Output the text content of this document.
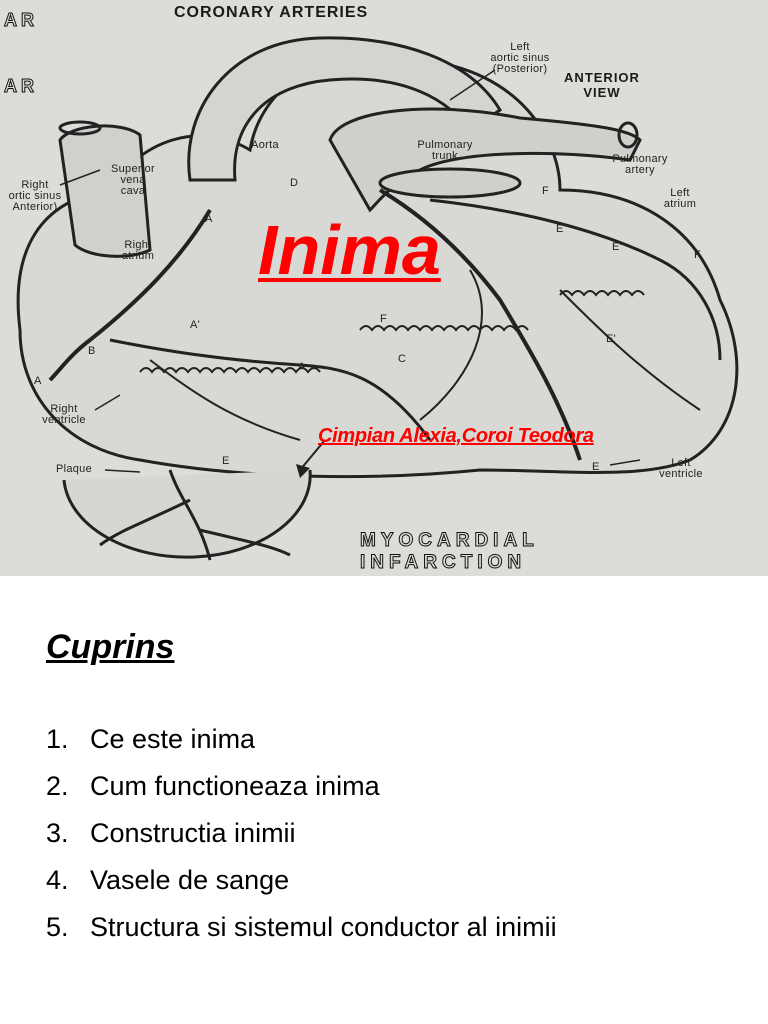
CORONARY ARTERIES
AR
AR	ANTERIOR
VIEW
Left
aortic sinus
(Posterior)
Aorta	Pulmonary
trunk	Pulmonary
artery
Superior
vena
cava
Right
ortic sinus
Anterior)
Left
atrium
Right
atrium
Right
ventricle
Left
ventricle
Plaque
D
A
F
E
E'
F
E'
A'
B
A
F
C
A
E	E
MYOCARDIAL
INFARCTION
Inima
Cimpian Alexia,Coroi Teodora
Cuprins
1. Ce este inima
2. Cum functioneaza inima
3. Constructia inimii
4. Vasele de sange
5. Structura si sistemul conductor al inimii
